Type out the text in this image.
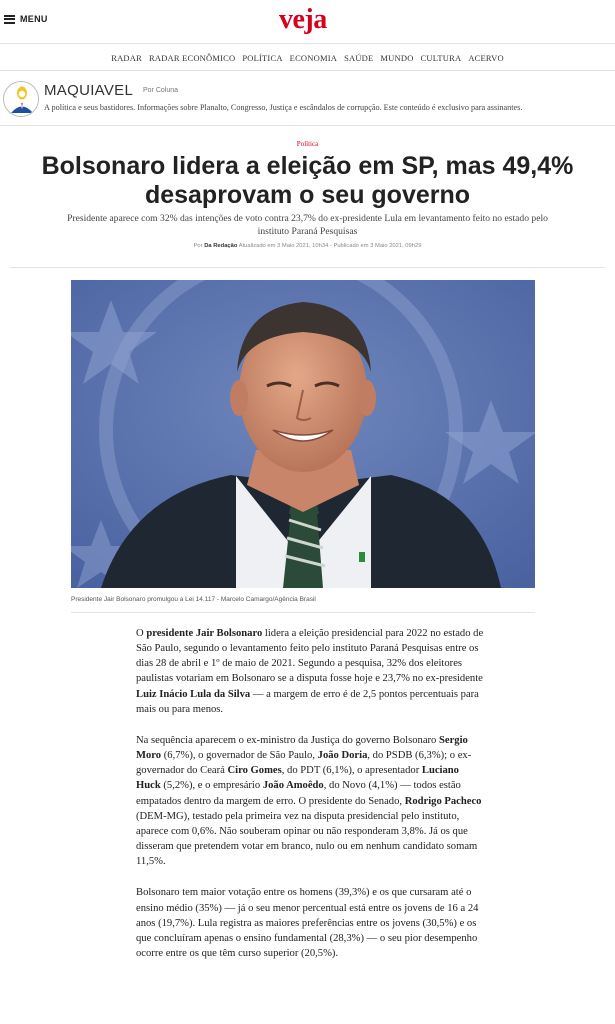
MENU	veja
RADAR RADAR ECONÔMICO POLÍTICA ECONOMIA SAÚDE MUNDO CULTURA ACERVO
MAQUIAVEL Por Coluna
A política e seus bastidores. Informações sobre Planalto, Congresso, Justiça e escândalos de corrupção. Este conteúdo é exclusivo para assinantes.
Política
Bolsonaro lidera a eleição em SP, mas 49,4% desaprovam o seu governo

Presidente aparece com 32% das intenções de voto contra 23,7% do ex-presidente Lula em levantamento feito no estado pelo instituto Paraná Pesquisas

Por Da Redação Atualizado em 3 Maio 2021, 10h34 - Publicado em 3 Maio 2021, 09h29
Presidente Jair Bolsonaro promulgou a Lei 14.117 - Marcelo Camargo/Agência Brasil

O presidente Jair Bolsonaro lidera a eleição presidencial para 2022 no estado de São Paulo, segundo o levantamento feito pelo instituto Paraná Pesquisas entre os dias 28 de abril e 1º de maio de 2021. Segundo a pesquisa, 32% dos eleitores paulistas votariam em Bolsonaro se a disputa fosse hoje e 23,7% no ex-presidente Luiz Inácio Lula da Silva — a margem de erro é de 2,5 pontos percentuais para mais ou para menos.

Na sequência aparecem o ex-ministro da Justiça do governo Bolsonaro Sergio Moro (6,7%), o governador de São Paulo, João Doria, do PSDB (6,3%); o ex-governador do Ceará Ciro Gomes, do PDT (6,1%), o apresentador Luciano Huck (5,2%), e o empresário João Amoêdo, do Novo (4,1%) — todos estão empatados dentro da margem de erro. O presidente do Senado, Rodrigo Pacheco (DEM-MG), testado pela primeira vez na disputa presidencial pelo instituto, aparece com 0,6%. Não souberam opinar ou não responderam 3,8%. Já os que disseram que pretendem votar em branco, nulo ou em nenhum candidato somam 11,5%.

Bolsonaro tem maior votação entre os homens (39,3%) e os que cursaram até o ensino médio (35%) — já o seu menor percentual está entre os jovens de 16 a 24 anos (19,7%). Lula registra as maiores preferências entre os jovens (30,5%) e os que concluíram apenas o ensino fundamental (28,3%) — o seu pior desempenho ocorre entre os que têm curso superior (20,5%).
